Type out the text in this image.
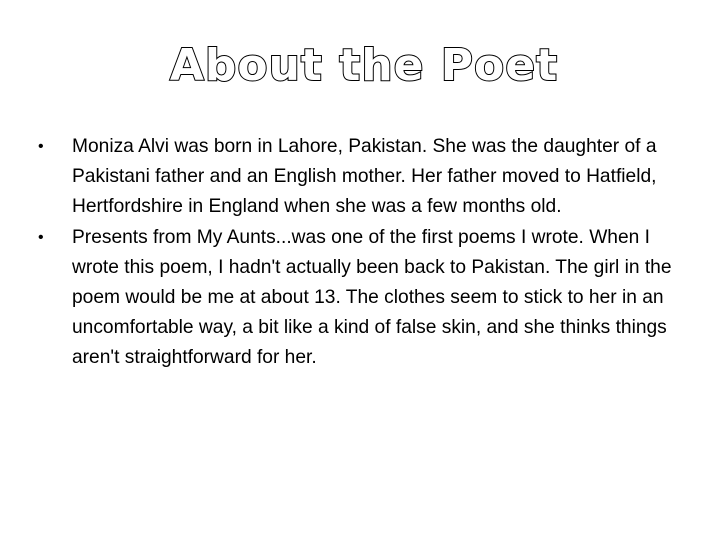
About the Poet
•	Moniza Alvi was born in Lahore, Pakistan. She was the daughter of a Pakistani father and an English mother. Her father moved to Hatfield, Hertfordshire in England when she was a few months old.
•	Presents from My Aunts...was one of the first poems I wrote. When I wrote this poem, I hadn't actually been back to Pakistan. The girl in the poem would be me at about 13. The clothes seem to stick to her in an uncomfortable way, a bit like a kind of false skin, and she thinks things aren't straightforward for her.
